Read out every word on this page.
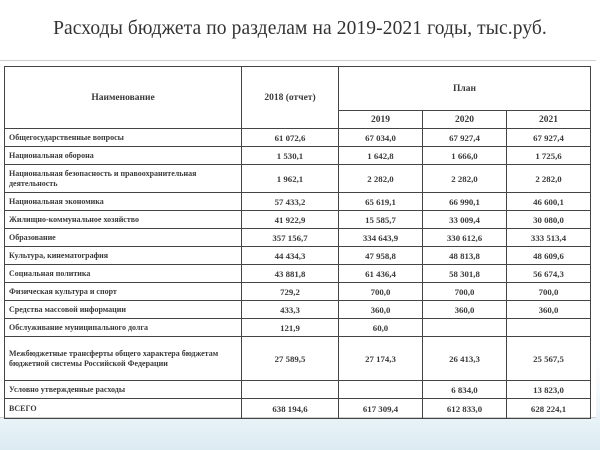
Расходы бюджета по разделам на 2019-2021 годы, тыс.руб.
Наименование	2018 (отчет)	План		
		2019	2020	2021
Общегосударственные вопросы	61 072,6	67 034,0	67 927,4	67 927,4
Национальная оборона	1 530,1	1 642,8	1 666,0	1 725,6
Национальная безопасность и правоохранительная деятельность	1 962,1	2 282,0	2 282,0	2 282,0
Национальная экономика	57 433,2	65 619,1	66 990,1	46 600,1
Жилищно-коммунальное хозяйство	41 922,9	15 585,7	33 009,4	30 080,0
Образование	357 156,7	334 643,9	330 612,6	333 513,4
Культура, кинематография	44 434,3	47 958,8	48 813,8	48 609,6
Социальная политика	43 881,8	61 436,4	58 301,8	56 674,3
Физическая культура и спорт	729,2	700,0	700,0	700,0
Средства массовой информации	433,3	360,0	360,0	360,0
Обслуживание муниципального долга	121,9	60,0		
Межбюджетные трансферты общего характера бюджетам бюджетной системы Российской Федерации	27 589,5	27 174,3	26 413,3	25 567,5
Условно утвержденные расходы			6 834,0	13 823,0
ВСЕГО	638 194,6	617 309,4	612 833,0	628 224,1
